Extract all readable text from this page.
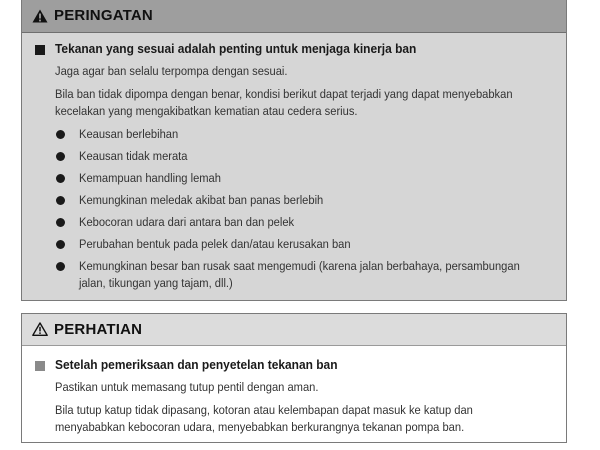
PERINGATAN
Tekanan yang sesuai adalah penting untuk menjaga kinerja ban
Jaga agar ban selalu terpompa dengan sesuai.
Bila ban tidak dipompa dengan benar, kondisi berikut dapat terjadi yang dapat menyebabkan
kecelakan yang mengakibatkan kematian atau cedera serius.
Keausan berlebihan
Keausan tidak merata
Kemampuan handling lemah
Kemungkinan meledak akibat ban panas berlebih
Kebocoran udara dari antara ban dan pelek
Perubahan bentuk pada pelek dan/atau kerusakan ban
Kemungkinan besar ban rusak saat mengemudi (karena jalan berbahaya, persambungan
jalan, tikungan yang tajam, dll.)
PERHATIAN
Setelah pemeriksaan dan penyetelan tekanan ban
Pastikan untuk memasang tutup pentil dengan aman.
Bila tutup katup tidak dipasang, kotoran atau kelembapan dapat masuk ke katup dan
menyababkan kebocoran udara, menyebabkan berkurangnya tekanan pompa ban.
